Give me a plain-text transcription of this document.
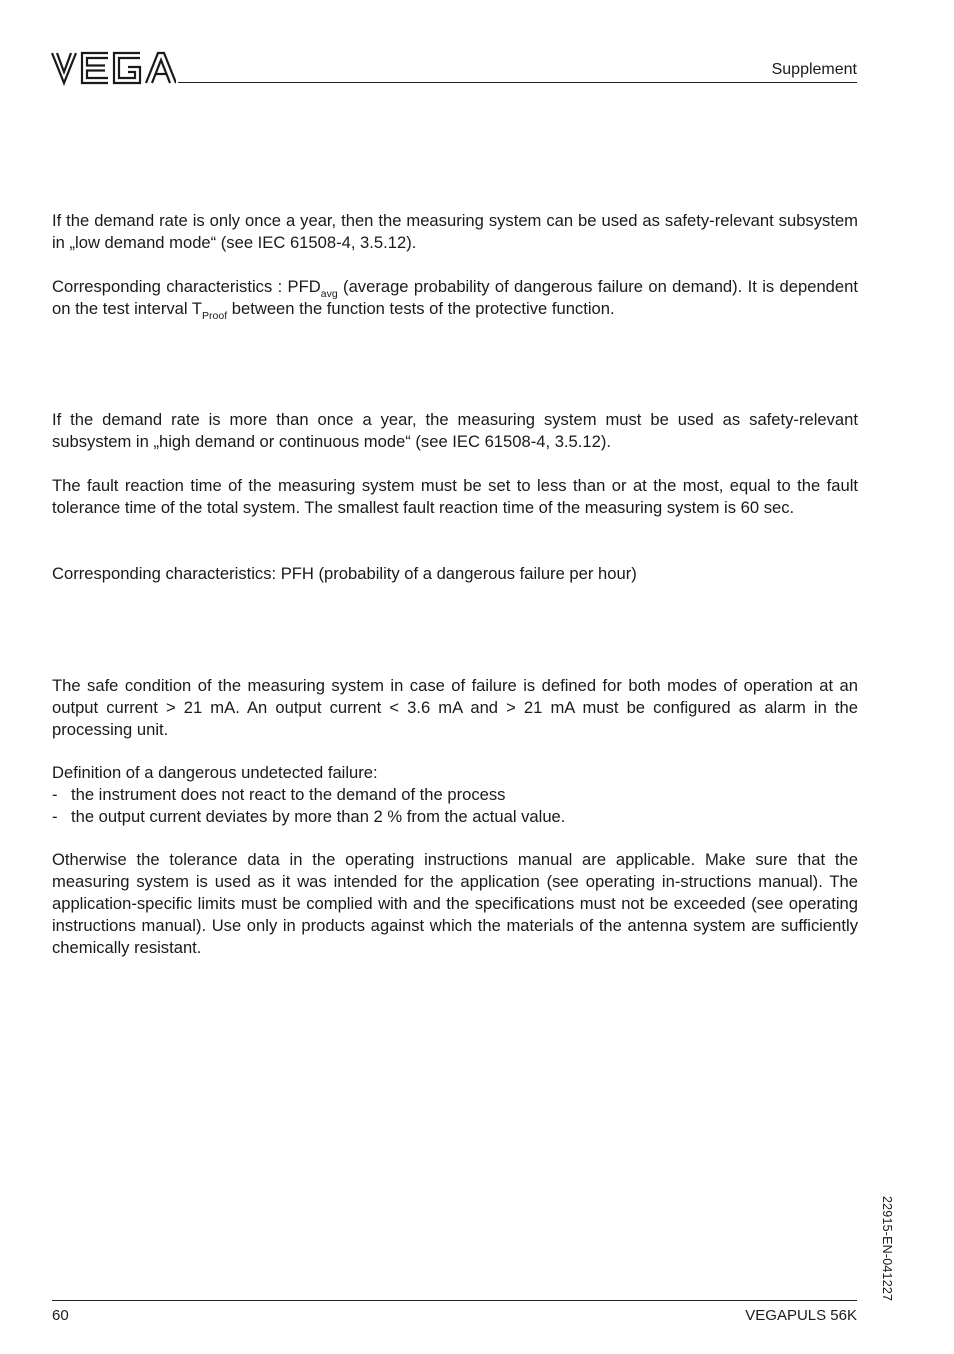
Supplement

If the demand rate is only once a year, then the measuring system can be used as safety-relevant subsystem in „low demand mode“ (see IEC 61508-4, 3.5.12).

Corresponding characteristics : $PFD_{avg}$ (average probability of dangerous failure on demand). It is dependent on the test interval $T_{Proof}$ between the function tests of the protective function.

If the demand rate is more than once a year, the measuring system must be used as safety-relevant subsystem in „high demand or continuous mode“ (see IEC 61508-4, 3.5.12).

The fault reaction time of the measuring system must be set to less than or at the most, equal to the fault tolerance time of the total system. The smallest fault reaction time of the measuring system is 60 sec.

Corresponding characteristics: PFH (probability of a dangerous failure per hour)

The safe condition of the measuring system in case of failure is defined for both modes of operation at an output current > 21 mA. An output current < 3.6 mA and > 21 mA must be configured as alarm in the processing unit.

Definition of a dangerous undetected failure:
- the instrument does not react to the demand of the process
- the output current deviates by more than 2 % from the actual value.

Otherwise the tolerance data in the operating instructions manual are applicable. Make sure that the measuring system is used as it was intended for the application (see operating in-structions manual). The application-specific limits must be complied with and the specifications must not be exceeded (see operating instructions manual). Use only in products against which the materials of the antenna system are sufficiently chemically resistant.

22915-EN-041227
60	VEGAPULS 56K
